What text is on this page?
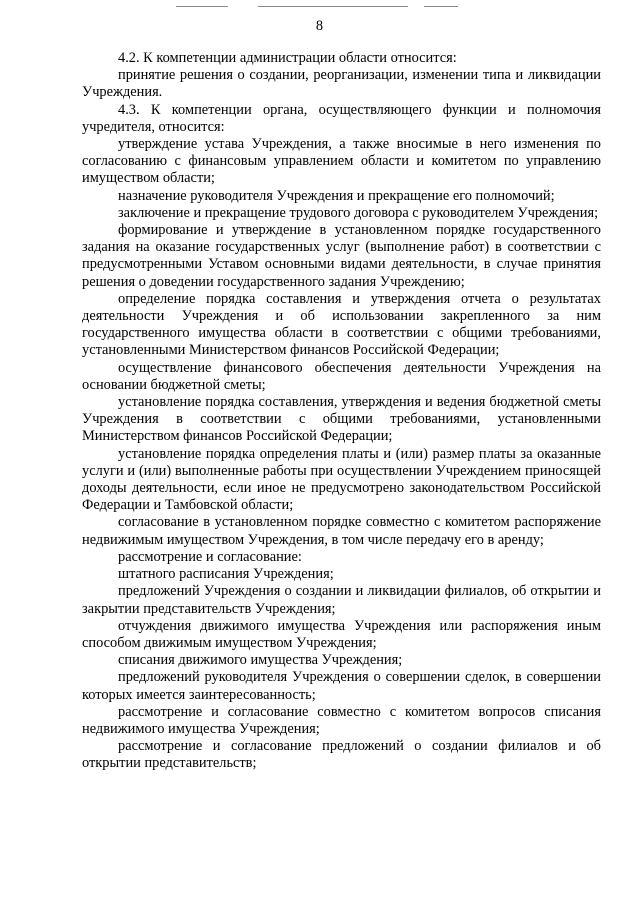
8

4.2. К компетенции администрации области относится:

принятие решения о создании, реорганизации, изменении типа и ликвидации Учреждения.

4.3. К компетенции органа, осуществляющего функции и полномочия учредителя, относится:

утверждение устава Учреждения, а также вносимые в него изменения по согласованию с финансовым управлением области и комитетом по управлению имуществом области;

назначение руководителя Учреждения и прекращение его полномочий;

заключение и прекращение трудового договора с руководителем Учреждения;

формирование и утверждение в установленном порядке государственного задания на оказание государственных услуг (выполнение работ) в соответствии с предусмотренными Уставом основными видами деятельности, в случае принятия решения о доведении государственного задания Учреждению;

определение порядка составления и утверждения отчета о результатах деятельности Учреждения и об использовании закрепленного за ним государственного имущества области в соответствии с общими требованиями, установленными Министерством финансов Российской Федерации;

осуществление финансового обеспечения деятельности Учреждения на основании бюджетной сметы;

установление порядка составления, утверждения и ведения бюджетной сметы Учреждения в соответствии с общими требованиями, установленными Министерством финансов Российской Федерации;

установление порядка определения платы и (или) размер платы за оказанные услуги и (или) выполненные работы при осуществлении Учреждением приносящей доходы деятельности, если иное не предусмотрено законодательством Российской Федерации и Тамбовской области;

согласование в установленном порядке совместно с комитетом распоряжение недвижимым имуществом Учреждения, в том числе передачу его в аренду;

рассмотрение и согласование:

штатного расписания Учреждения;

предложений Учреждения о создании и ликвидации филиалов, об открытии и закрытии представительств Учреждения;

отчуждения движимого имущества Учреждения или распоряжения иным способом движимым имуществом Учреждения;

списания движимого имущества Учреждения;

предложений руководителя Учреждения о совершении сделок, в совершении которых имеется заинтересованность;

рассмотрение и согласование совместно с комитетом вопросов списания недвижимого имущества Учреждения;

рассмотрение и согласование предложений о создании филиалов и об открытии представительств;
